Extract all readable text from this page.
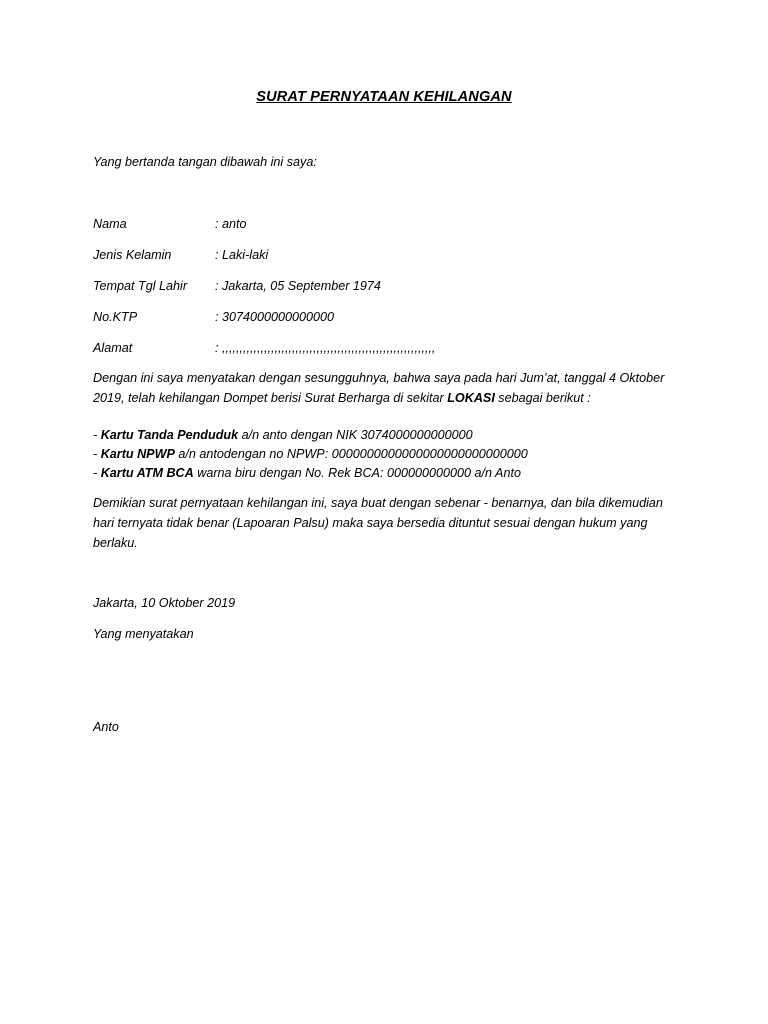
SURAT PERNYATAAN KEHILANGAN
Yang bertanda tangan dibawah ini saya:
Nama	: anto
Jenis Kelamin	: Laki-laki
Tempat Tgl Lahir : Jakarta, 05 September 1974
No.KTP	: 3074000000000000
Alamat	: ,,,,,,,,,,,,,,,,,,,,,,,,,,,,,,,,,,,,,,,,,,,,,,,,,,,,,,,,,,,,,
Dengan ini saya menyatakan dengan sesungguhnya, bahwa saya pada hari Jum’at, tanggal 4 Oktober 2019, telah kehilangan Dompet berisi Surat Berharga di sekitar LOKASI sebagai berikut :
- Kartu Tanda Penduduk a/n anto dengan NIK 3074000000000000
- Kartu NPWP a/n antodengan no NPWP: 0000000000000000000000000000
- Kartu ATM BCA warna biru dengan No. Rek BCA: 000000000000 a/n Anto
Demikian surat pernyataan kehilangan ini, saya buat dengan sebenar - benarnya, dan bila dikemudian hari ternyata tidak benar (Lapoaran Palsu) maka saya bersedia dituntut sesuai dengan hukum yang berlaku.
Jakarta, 10 Oktober 2019
Yang menyatakan
Anto
